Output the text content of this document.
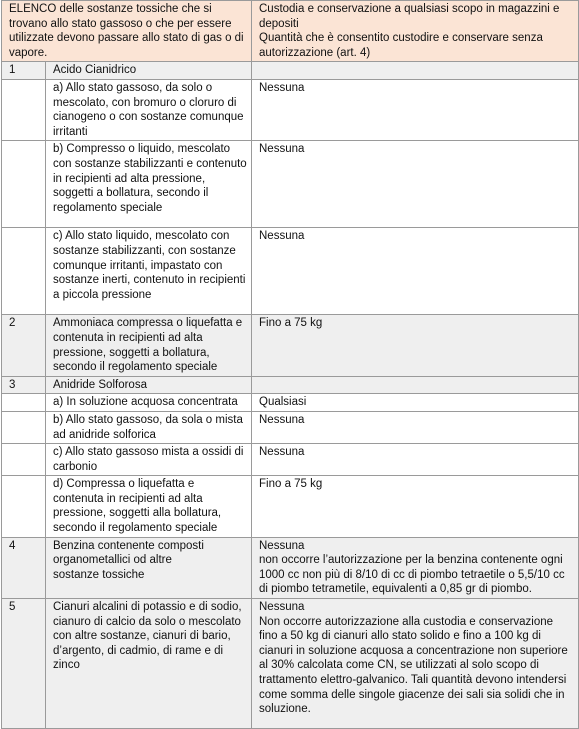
ELENCO delle sostanze tossiche che si trovano allo stato gassoso o che per essere utilizzate devono passare allo stato di gas o di vapore.		Custodia e conservazione a qualsiasi scopo in magazzini e depositi
Quantità che è consentito custodire e conservare senza autorizzazione (art. 4)

1	Acido Cianidrico	
	a) Allo stato gassoso, da solo o mescolato, con bromuro o cloruro di cianogeno o con sostanze comunque irritanti	Nessuna
	b) Compresso o liquido, mescolato con sostanze stabilizzanti e contenuto in recipienti ad alta pressione, soggetti a bollatura, secondo il regolamento speciale	Nessuna
	c) Allo stato liquido, mescolato con sostanze stabilizzanti, con sostanze comunque irritanti, impastato con sostanze inerti, contenuto in recipienti a piccola pressione	Nessuna
2	Ammoniaca compressa o liquefatta e contenuta in recipienti ad alta pressione, soggetti a bollatura, secondo il regolamento speciale	Fino a 75 kg
3	Anidride Solforosa	
	a) In soluzione acquosa concentrata	Qualsiasi
	b) Allo stato gassoso, da sola o mista ad anidride solforica	Nessuna
	c) Allo stato gassoso mista a ossidi di carbonio	Nessuna
	d) Compressa o liquefatta e contenuta in recipienti ad alta pressione, soggetti alla bollatura, secondo il regolamento speciale	Fino a 75 kg
4	Benzina contenente composti organometallici od altre
sostanze tossiche	Nessuna
non occorre l’autorizzazione per la benzina contenente ogni 1000 cc non più di 8/10 di cc di piombo tetraetile o 5,5/10 cc di piombo tetrametile, equivalenti a 0,85 gr di piombo.
5	Cianuri alcalini di potassio e di sodio, cianuro di calcio da solo o mescolato con altre sostanze, cianuri di bario, d’argento, di cadmio, di rame e di zinco	Nessuna
Non occorre autorizzazione alla custodia e conservazione fino a 50 kg di cianuri allo stato solido e fino a 100 kg di cianuri in soluzione acquosa a concentrazione non superiore al 30% calcolata come CN, se utilizzati al solo scopo di trattamento elettro-galvanico. Tali quantità devono intendersi come somma delle singole giacenze dei sali sia solidi che in soluzione.
